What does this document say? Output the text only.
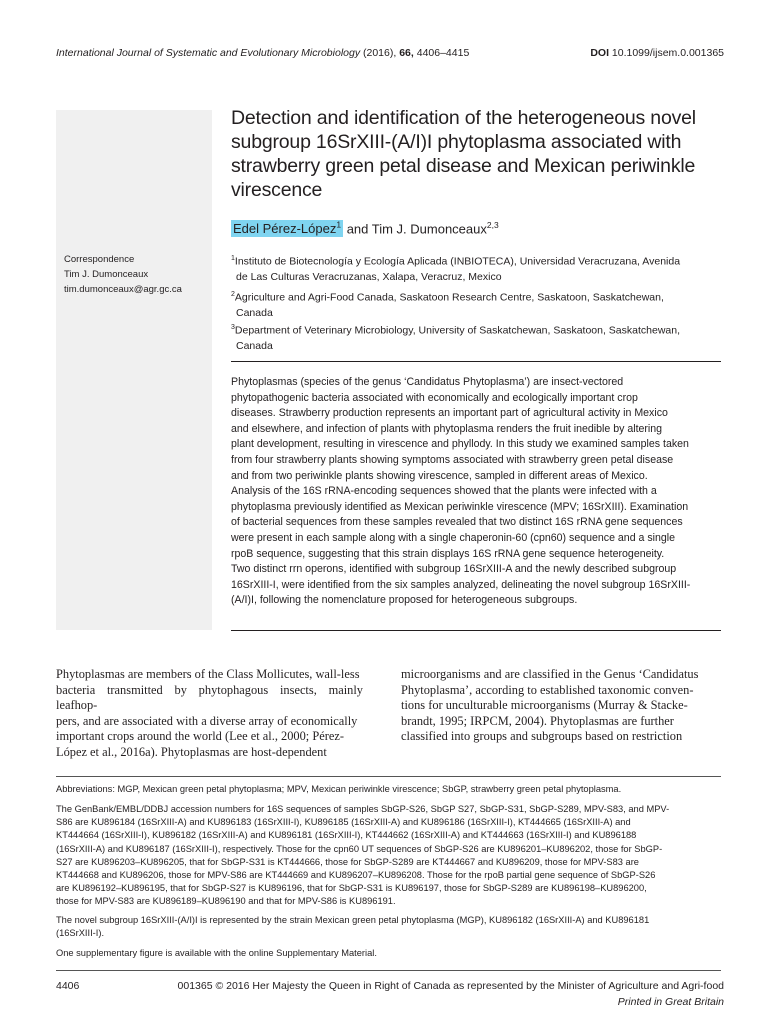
International Journal of Systematic and Evolutionary Microbiology (2016), 66, 4406–4415	DOI 10.1099/ijsem.0.001365
Correspondence
Tim J. Dumonceaux
tim.dumonceaux@agr.gc.ca
Detection and identification of the heterogeneous novel subgroup 16SrXIII-(A/I)I phytoplasma associated with strawberry green petal disease and Mexican periwinkle virescence
Edel Pérez-López$^1$ and Tim J. Dumonceaux$^{2,3}$
$^1$Instituto de Biotecnología y Ecología Aplicada (INBIOTECA), Universidad Veracruzana, Avenida
de Las Culturas Veracruzanas, Xalapa, Veracruz, Mexico
$^2$Agriculture and Agri-Food Canada, Saskatoon Research Centre, Saskatoon, Saskatchewan,
Canada
$^3$Department of Veterinary Microbiology, University of Saskatchewan, Saskatoon, Saskatchewan,
Canada
Phytoplasmas (species of the genus ‘Candidatus Phytoplasma’) are insect-vectored
phytopathogenic bacteria associated with economically and ecologically important crop
diseases. Strawberry production represents an important part of agricultural activity in Mexico
and elsewhere, and infection of plants with phytoplasma renders the fruit inedible by altering
plant development, resulting in virescence and phyllody. In this study we examined samples taken
from four strawberry plants showing symptoms associated with strawberry green petal disease
and from two periwinkle plants showing virescence, sampled in different areas of Mexico.
Analysis of the 16S rRNA-encoding sequences showed that the plants were infected with a
phytoplasma previously identified as Mexican periwinkle virescence (MPV; 16SrXIII). Examination
of bacterial sequences from these samples revealed that two distinct 16S rRNA gene sequences
were present in each sample along with a single chaperonin-60 (cpn60) sequence and a single
rpoB sequence, suggesting that this strain displays 16S rRNA gene sequence heterogeneity.
Two distinct rrn operons, identified with subgroup 16SrXIII-A and the newly described subgroup
16SrXIII-I, were identified from the six samples analyzed, delineating the novel subgroup 16SrXIII-
(A/I)I, following the nomenclature proposed for heterogeneous subgroups.
Phytoplasmas are members of the Class Mollicutes, wall-less
bacteria transmitted by phytophagous insects, mainly leafhop-
pers, and are associated with a diverse array of economically
important crops around the world (Lee et al., 2000; Pérez-
López et al., 2016a). Phytoplasmas are host-dependent
microorganisms and are classified in the Genus ‘Candidatus
Phytoplasma’, according to established taxonomic conven-
tions for unculturable microorganisms (Murray & Stacke-
brandt, 1995; IRPCM, 2004). Phytoplasmas are further
classified into groups and subgroups based on restriction
Abbreviations: MGP, Mexican green petal phytoplasma; MPV, Mexican periwinkle virescence; SbGP, strawberry green petal phytoplasma.
The GenBank/EMBL/DDBJ accession numbers for 16S sequences of samples SbGP-S26, SbGP S27, SbGP-S31, SbGP-S289, MPV-S83, and MPV-
S86 are KU896184 (16SrXIII-A) and KU896183 (16SrXIII-I), KU896185 (16SrXIII-A) and KU896186 (16SrXIII-I), KT444665 (16SrXIII-A) and
KT444664 (16SrXIII-I), KU896182 (16SrXIII-A) and KU896181 (16SrXIII-I), KT444662 (16SrXIII-A) and KT444663 (16SrXIII-I) and KU896188
(16SrXIII-A) and KU896187 (16SrXIII-I), respectively. Those for the cpn60 UT sequences of SbGP-S26 are KU896201–KU896202, those for SbGP-
S27 are KU896203–KU896205, that for SbGP-S31 is KT444666, those for SbGP-S289 are KT444667 and KU896209, those for MPV-S83 are
KT444668 and KU896206, those for MPV-S86 are KT444669 and KU896207–KU896208. Those for the rpoB partial gene sequence of SbGP-S26
are KU896192–KU896195, that for SbGP-S27 is KU896196, that for SbGP-S31 is KU896197, those for SbGP-S289 are KU896198–KU896200,
those for MPV-S83 are KU896189–KU896190 and that for MPV-S86 is KU896191.
The novel subgroup 16SrXIII-(A/I)I is represented by the strain Mexican green petal phytoplasma (MGP), KU896182 (16SrXIII-A) and KU896181
(16SrXIII-I).
One supplementary figure is available with the online Supplementary Material.
4406	001365 © 2016 Her Majesty the Queen in Right of Canada as represented by the Minister of Agriculture and Agri-food
Printed in Great Britain
